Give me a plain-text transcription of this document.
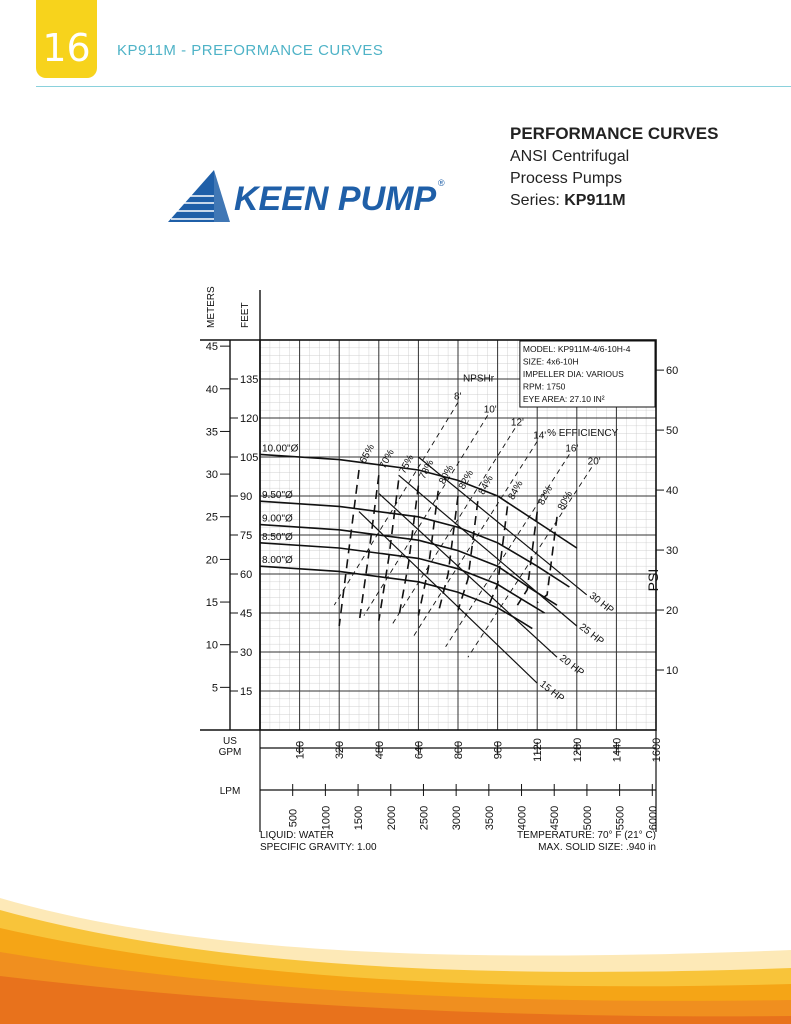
16	KP911M - PREFORMANCE CURVES
KEEN PUMP ®
PERFORMANCE CURVES
ANSI Centrifugal
Process Pumps
Series: KP911M
METERS FEET
5
10
15
20
25
30
35
40
45
15
30
45
60
75
90
105
120
135
10
20
30
40
50
60
PSI
US
GPM
LPM
160	320	480	640	800	960	1120	1280	1440	1600
500 1000 1500 2000 2500 3000 3500 4000 4500 5000 5500 6000
MODEL: KP911M-4/6-10H-4
SIZE: 4x6-10H
IMPELLER DIA: VARIOUS
RPM: 1750
EYE AREA: 27.10 IN²
10.00"Ø
9.50"Ø
9.00"Ø
8.50"Ø
8.00"Ø
30 HP
25 HP
20 HP
15 HP
65% 70% 75% 78% 80% 82% 84% 84% 82% 80%
% EFFICIENCY
8'
10'
12'
14'
16'
20'
NPSHr
LIQUID: WATER
SPECIFIC GRAVITY: 1.00
TEMPERATURE: 70° F (21° C)
MAX. SOLID SIZE: .940 in
